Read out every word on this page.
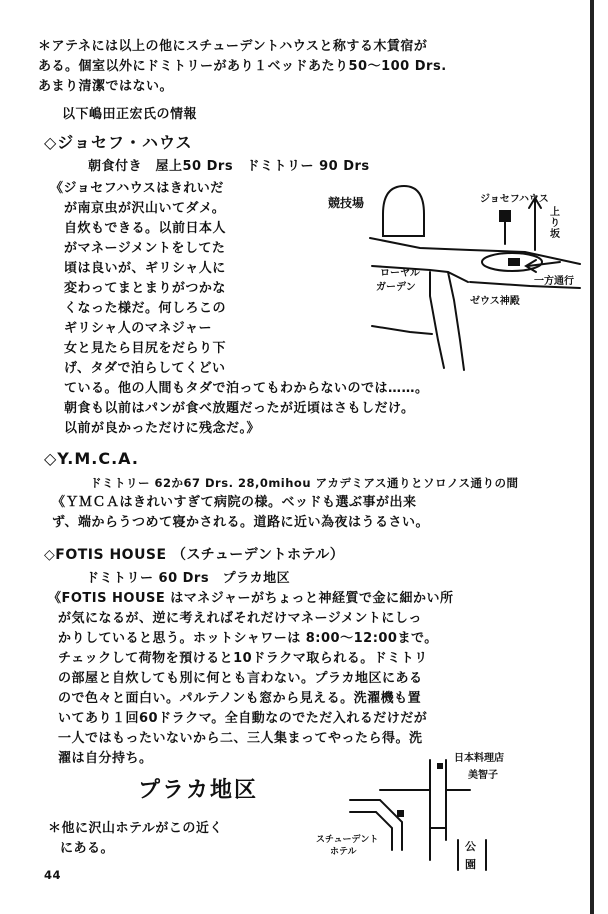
＊アテネには以上の他にスチューデントハウスと称する木賃宿が
ある。個室以外にドミトリーがあり１ベッドあたり50〜100 Drs.
あまり清潔ではない。
以下嶋田正宏氏の情報
◇ジョセフ・ハウス
朝食付き　屋上50 Drs　ドミトリー 90 Drs
《ジョセフハウスはきれいだ
が南京虫が沢山いてダメ。
自炊もできる。以前日本人
がマネージメントをしてた
頃は良いが、ギリシャ人に
変わってまとまりがつかな
くなった様だ。何しろこの
ギリシャ人のマネジャー
女と見たら目尻をだらり下
げ、タダで泊らしてくどい
ている。他の人間もタダで泊ってもわからないのでは……。
朝食も以前はパンが食べ放題だったが近頃はさもしだけ。
以前が良かっただけに残念だ。》
競技場	ジョセフハウス
上り坂
ローヤル
ガーデン
一方通行
ゼウス神殿
◇Y.M.C.A.
ドミトリー 62か67 Drs. 28,0mihou アカデミアス通りとソロノス通りの間
《ＹＭＣＡはきれいすぎて病院の様。ベッドも選ぶ事が出来
ず、端からうつめて寝かされる。道路に近い為夜はうるさい。
◇FOTIS HOUSE （スチューデントホテル）
ドミトリー 60 Drs　プラカ地区
《FOTIS HOUSE はマネジャーがちょっと神経質で金に細かい所
が気になるが、逆に考えればそれだけマネージメントにしっ
かりしていると思う。ホットシャワーは 8:00〜12:00まで。
チェックして荷物を預けると10ドラクマ取られる。ドミトリ
の部屋と自炊しても別に何とも言わない。プラカ地区にある
ので色々と面白い。パルテノンも窓から見える。洗濯機も置
いてあり１回60ドラクマ。全自動なのでただ入れるだけだが
一人ではもったいないから二、三人集まってやったら得。洗
濯は自分持ち。
プラカ地区
＊他に沢山ホテルがこの近く
にある。
44
日本料理店
美智子
スチューデント
ホテル	公園
